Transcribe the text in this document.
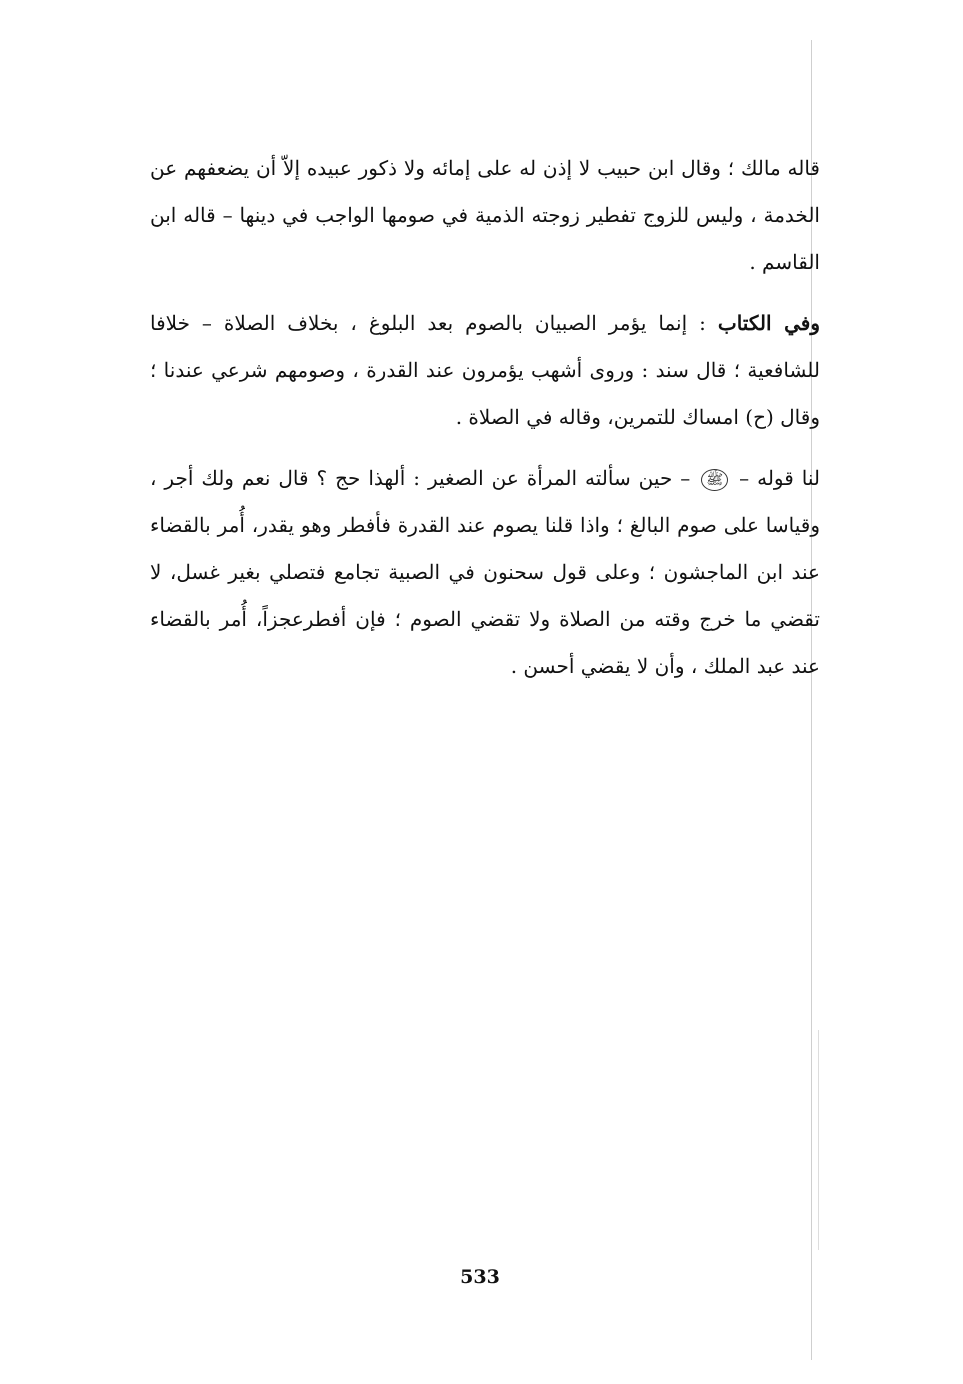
قاله مالك ؛ وقال ابن حبيب لا إذن له على إمائه ولا ذكور عبيده إلاّ أن يضعفهم عن الخدمة ، وليس للزوج تفطير زوجته الذمية في صومها الواجب في دينها – قاله ابن القاسم .

وفي الكتاب : إنما يؤمر الصبيان بالصوم بعد البلوغ ، بخلاف الصلاة – خلافا للشافعية ؛ قال سند : وروى أشهب يؤمرون عند القدرة ، وصومهم شرعي عندنا ؛ وقال (ح) امساك للتمرين، وقاله في الصلاة .

لنا قوله – ﷺ – حين سألته المرأة عن الصغير : ألهذا حج ؟ قال نعم ولك أجر ، وقياسا على صوم البالغ ؛ واذا قلنا يصوم عند القدرة فأفطر وهو يقدر، أُمر بالقضاء عند ابن الماجشون ؛ وعلى قول سحنون في الصبية تجامع فتصلي بغير غسل، لا تقضي ما خرج وقته من الصلاة ولا تقضي الصوم ؛ فإن أفطرعجزاً، أُمر بالقضاء عند عبد الملك ، وأن لا يقضي أحسن .

533
